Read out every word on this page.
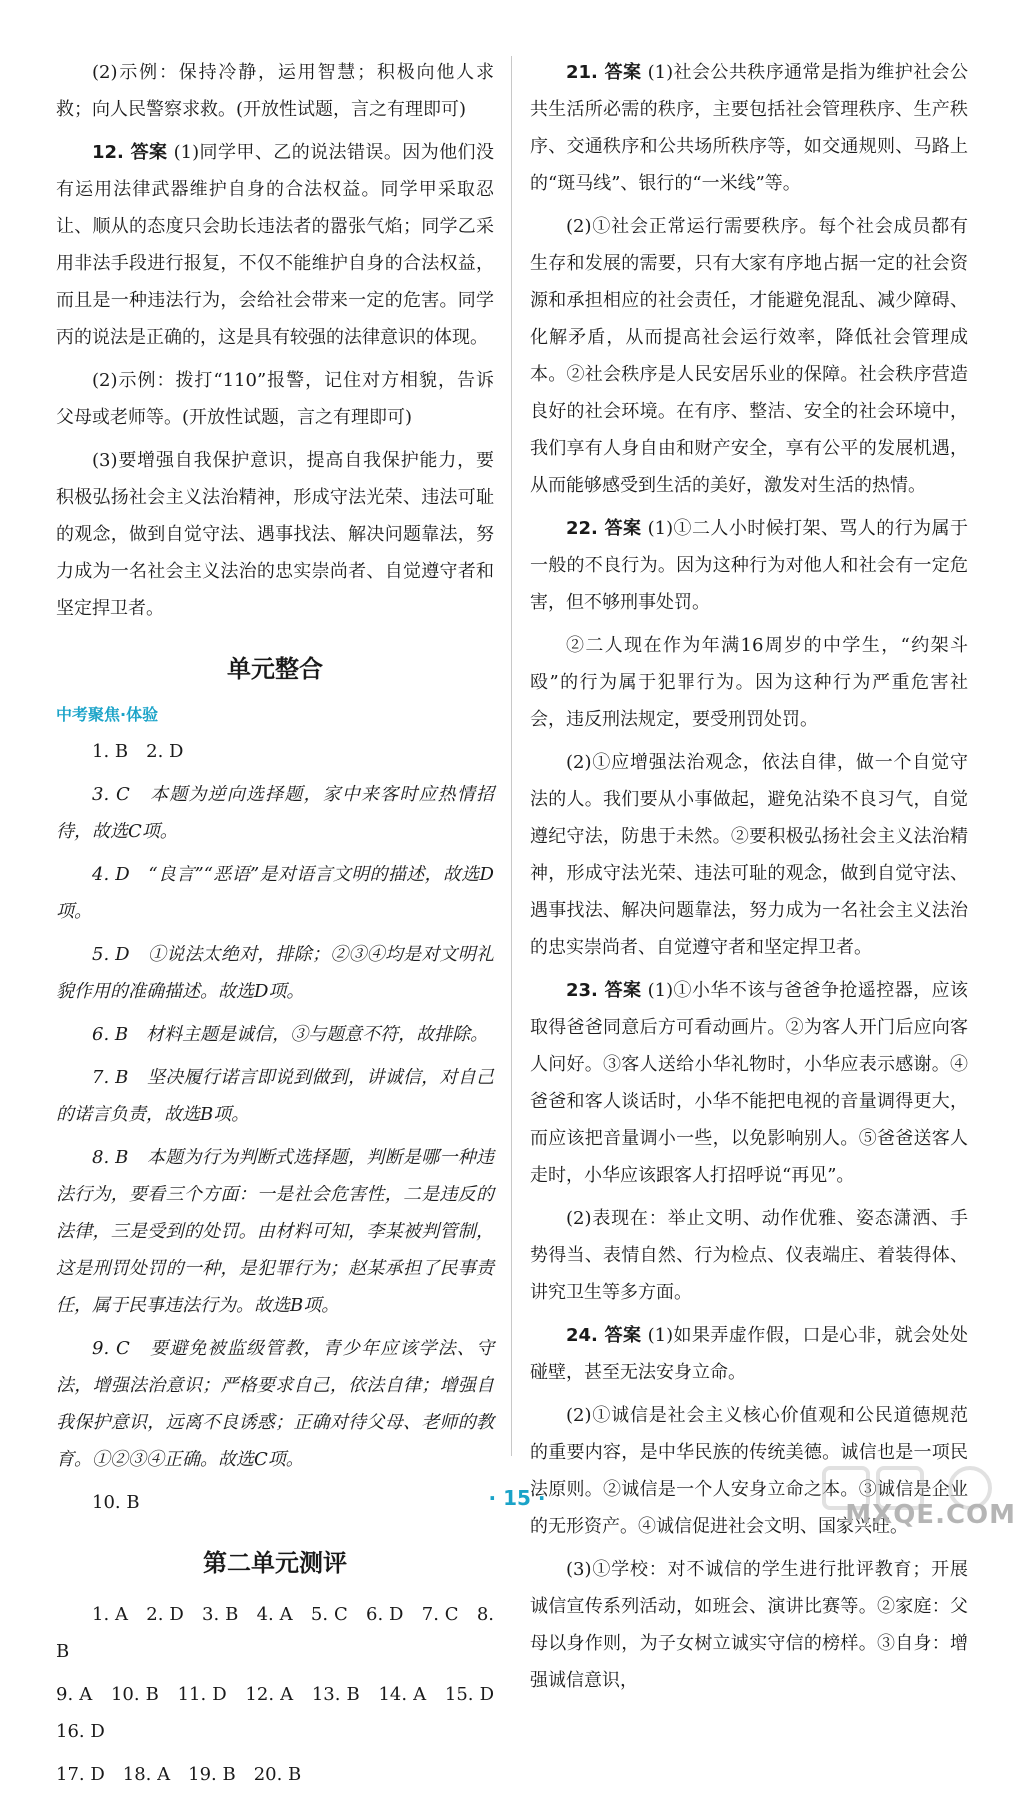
(2)示例：保持冷静，运用智慧；积极向他人求救；向人民警察求救。(开放性试题，言之有理即可)

12. 答案 (1)同学甲、乙的说法错误。因为他们没有运用法律武器维护自身的合法权益。同学甲采取忍让、顺从的态度只会助长违法者的嚣张气焰；同学乙采用非法手段进行报复，不仅不能维护自身的合法权益，而且是一种违法行为，会给社会带来一定的危害。同学丙的说法是正确的，这是具有较强的法律意识的体现。

(2)示例：拨打“110”报警，记住对方相貌，告诉父母或老师等。(开放性试题，言之有理即可)

(3)要增强自我保护意识，提高自我保护能力，要积极弘扬社会主义法治精神，形成守法光荣、违法可耻的观念，做到自觉守法、遇事找法、解决问题靠法，努力成为一名社会主义法治的忠实崇尚者、自觉遵守者和坚定捍卫者。

单元整合
中考聚焦·体验

1. B　2. D

3. C　本题为逆向选择题，家中来客时应热情招待，故选C项。

4. D　“良言”“恶语”是对语言文明的描述，故选D项。

5. D　①说法太绝对，排除；②③④均是对文明礼貌作用的准确描述。故选D项。

6. B　材料主题是诚信，③与题意不符，故排除。

7. B　坚决履行诺言即说到做到，讲诚信，对自己的诺言负责，故选B项。

8. B　本题为行为判断式选择题，判断是哪一种违法行为，要看三个方面：一是社会危害性，二是违反的法律，三是受到的处罚。由材料可知，李某被判管制，这是刑罚处罚的一种，是犯罪行为；赵某承担了民事责任，属于民事违法行为。故选B项。

9. C　要避免被监级管教，青少年应该学法、守法，增强法治意识；严格要求自己，依法自律；增强自我保护意识，远离不良诱惑；正确对待父母、老师的教育。①②③④正确。故选C项。

10. B

第二单元测评

1. A　2. D　3. B　4. A　5. C　6. D　7. C　8. B

9. A　10. B　11. D　12. A　13. B　14. A　15. D　16. D

17. D　18. A　19. B　20. B

21. 答案 (1)社会公共秩序通常是指为维护社会公共生活所必需的秩序，主要包括社会管理秩序、生产秩序、交通秩序和公共场所秩序等，如交通规则、马路上的“斑马线”、银行的“一米线”等。

(2)①社会正常运行需要秩序。每个社会成员都有生存和发展的需要，只有大家有序地占据一定的社会资源和承担相应的社会责任，才能避免混乱、减少障碍、化解矛盾，从而提高社会运行效率，降低社会管理成本。②社会秩序是人民安居乐业的保障。社会秩序营造良好的社会环境。在有序、整洁、安全的社会环境中，我们享有人身自由和财产安全，享有公平的发展机遇，从而能够感受到生活的美好，激发对生活的热情。

22. 答案 (1)①二人小时候打架、骂人的行为属于一般的不良行为。因为这种行为对他人和社会有一定危害，但不够刑事处罚。

②二人现在作为年满16周岁的中学生，“约架斗殴”的行为属于犯罪行为。因为这种行为严重危害社会，违反刑法规定，要受刑罚处罚。

(2)①应增强法治观念，依法自律，做一个自觉守法的人。我们要从小事做起，避免沾染不良习气，自觉遵纪守法，防患于未然。②要积极弘扬社会主义法治精神，形成守法光荣、违法可耻的观念，做到自觉守法、遇事找法、解决问题靠法，努力成为一名社会主义法治的忠实崇尚者、自觉遵守者和坚定捍卫者。

23. 答案 (1)①小华不该与爸爸争抢遥控器，应该取得爸爸同意后方可看动画片。②为客人开门后应向客人问好。③客人送给小华礼物时，小华应表示感谢。④爸爸和客人谈话时，小华不能把电视的音量调得更大，而应该把音量调小一些，以免影响别人。⑤爸爸送客人走时，小华应该跟客人打招呼说“再见”。

(2)表现在：举止文明、动作优雅、姿态潇洒、手势得当、表情自然、行为检点、仪表端庄、着装得体、讲究卫生等多方面。

24. 答案 (1)如果弄虚作假，口是心非，就会处处碰壁，甚至无法安身立命。

(2)①诚信是社会主义核心价值观和公民道德规范的重要内容，是中华民族的传统美德。诚信也是一项民法原则。②诚信是一个人安身立命之本。③诚信是企业的无形资产。④诚信促进社会文明、国家兴旺。

(3)①学校：对不诚信的学生进行批评教育；开展诚信宣传系列活动，如班会、演讲比赛等。②家庭：父母以身作则，为子女树立诚实守信的榜样。③自身：增强诚信意识，

· 15 ·
MXQE.COM
